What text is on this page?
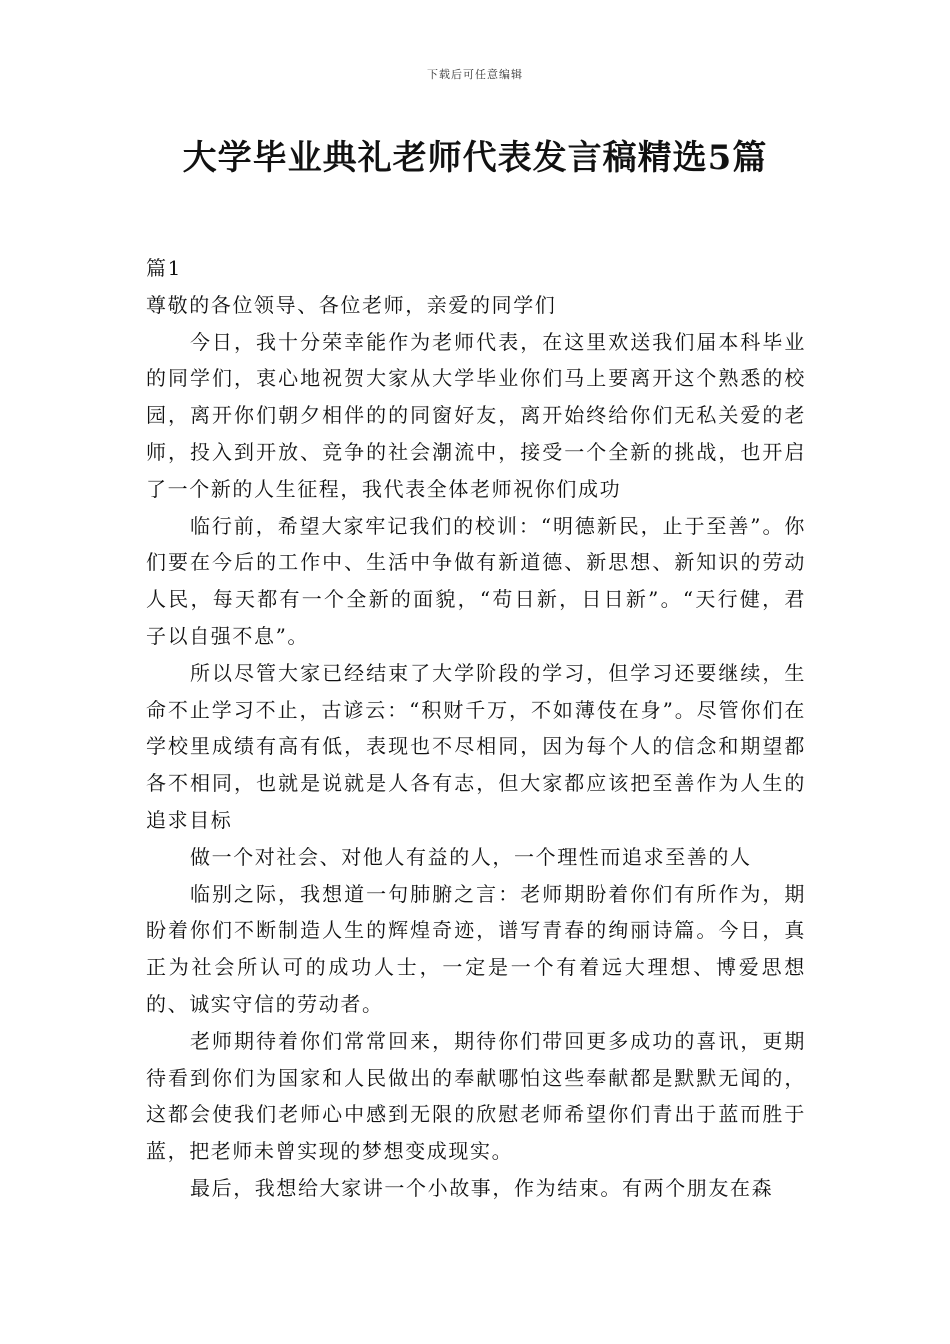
下载后可任意编辑
大学毕业典礼老师代表发言稿精选5篇

篇1

尊敬的各位领导、各位老师，亲爱的同学们

今日，我十分荣幸能作为老师代表，在这里欢送我们届本科毕业的同学们，衷心地祝贺大家从大学毕业你们马上要离开这个熟悉的校园，离开你们朝夕相伴的的同窗好友，离开始终给你们无私关爱的老师，投入到开放、竞争的社会潮流中，接受一个全新的挑战，也开启了一个新的人生征程，我代表全体老师祝你们成功

临行前，希望大家牢记我们的校训：“明德新民，止于至善”。你们要在今后的工作中、生活中争做有新道德、新思想、新知识的劳动人民，每天都有一个全新的面貌，“苟日新，日日新”。“天行健，君子以自强不息”。

所以尽管大家已经结束了大学阶段的学习，但学习还要继续，生命不止学习不止，古谚云：“积财千万，不如薄伎在身”。尽管你们在学校里成绩有高有低，表现也不尽相同，因为每个人的信念和期望都各不相同，也就是说就是人各有志，但大家都应该把至善作为人生的追求目标

做一个对社会、对他人有益的人，一个理性而追求至善的人

临别之际，我想道一句肺腑之言：老师期盼着你们有所作为，期盼着你们不断制造人生的辉煌奇迹，谱写青春的绚丽诗篇。今日，真正为社会所认可的成功人士，一定是一个有着远大理想、博爱思想的、诚实守信的劳动者。

老师期待着你们常常回来，期待你们带回更多成功的喜讯，更期待看到你们为国家和人民做出的奉献哪怕这些奉献都是默默无闻的，这都会使我们老师心中感到无限的欣慰老师希望你们青出于蓝而胜于蓝，把老师未曾实现的梦想变成现实。

最后，我想给大家讲一个小故事，作为结束。有两个朋友在森
